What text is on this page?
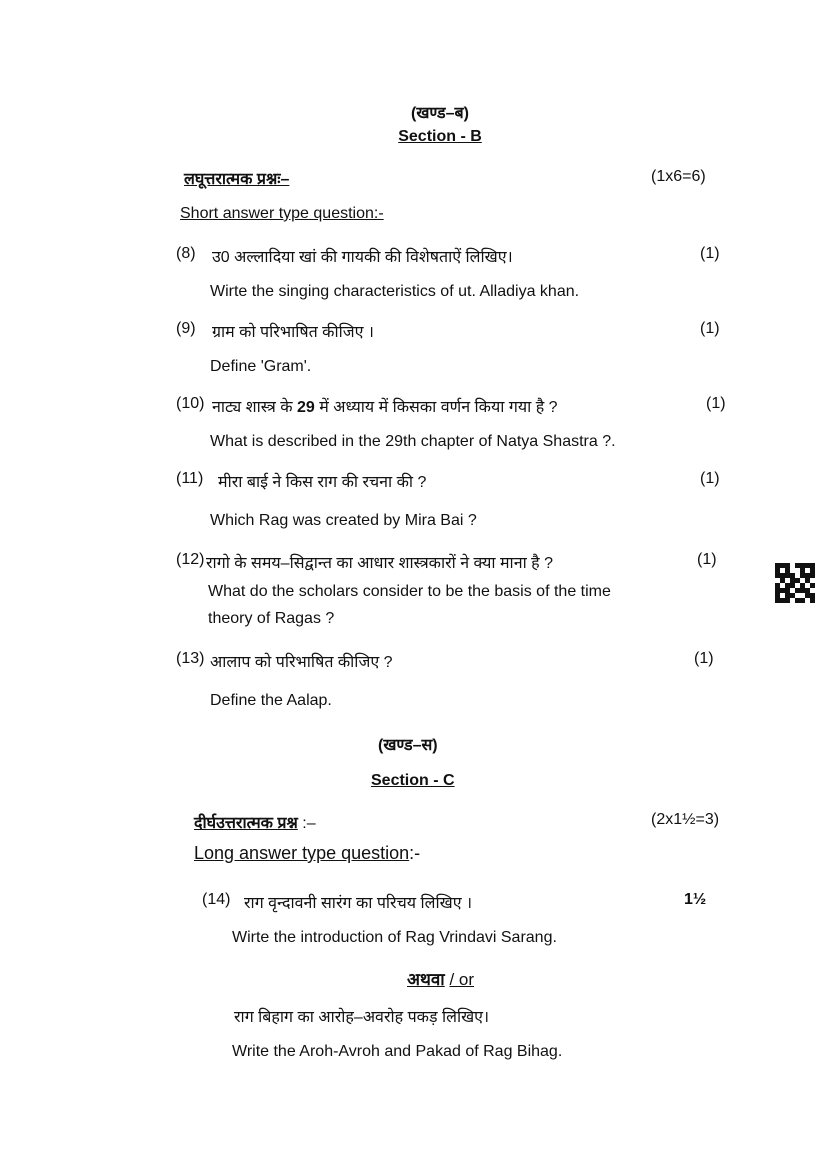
(खण्ड–ब)
Section - B
लघूत्तरात्मक प्रश्नः–	(1x6=6)
Short answer type question:-
(8) उ0 अल्लादिया खां की गायकी की विशेषताऐं लिखिए।	(1)
Wirte the singing characteristics of ut. Alladiya khan.
(9) ग्राम को परिभाषित कीजिए ।	(1)
Define 'Gram'.
(10) नाट्य शास्त्र के 29 में अध्याय में किसका वर्णन किया गया है ?	(1)
What is described in the 29th chapter of Natya Shastra ?.
(11) मीरा बाई ने किस राग की रचना की ?	(1)
Which Rag was created by Mira Bai ?
(12) रागो के समय–सिद्वान्त का आधार शास्त्रकारों ने क्या माना है ?	(1)
What do the scholars consider to be the basis of the time
theory of Ragas ?
(13) आलाप को परिभाषित कीजिए ?	(1)
Define the Aalap.
(खण्ड–स)
Section - C
दीर्घउत्तरात्मक प्रश्न :–	(2x1½=3)
Long answer type question:-
(14) राग वृन्दावनी सारंग का परिचय लिखिए ।	1½
Wirte the introduction of Rag Vrindavi Sarang.
अथवा / or
राग बिहाग का आरोह–अवरोह पकड़ लिखिए।
Write the Aroh-Avroh and Pakad of Rag Bihag.
